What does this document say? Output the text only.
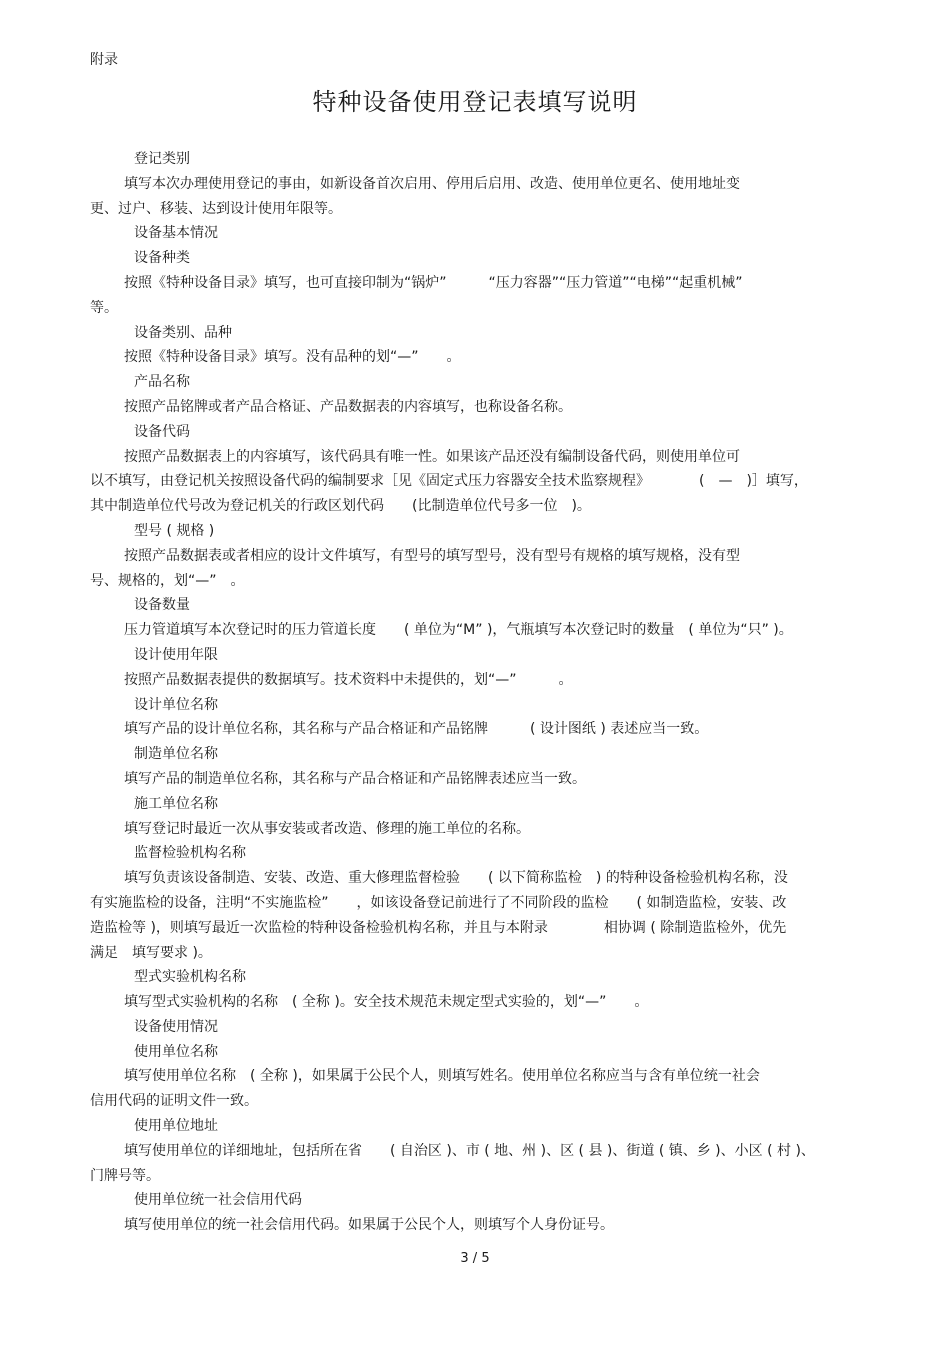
附录
特种设备使用登记表填写说明
登记类别
填写本次办理使用登记的事由，如新设备首次启用、停用后启用、改造、使用单位更名、使用地址变
更、过户、移装、达到设计使用年限等。
设备基本情况
设备种类
按照《特种设备目录》填写，也可直接印制为“锅炉”　　　“压力容器”“压力管道”“电梯”“起重机械”
等。
设备类别、品种
按照《特种设备目录》填写。没有品种的划“—”　　。
产品名称
按照产品铭牌或者产品合格证、产品数据表的内容填写，也称设备名称。
设备代码
按照产品数据表上的内容填写，该代码具有唯一性。如果该产品还没有编制设备代码，则使用单位可
以不填写，由登记机关按照设备代码的编制要求［见《固定式压力容器安全技术监察规程》　　　　(　—　)］填写，
其中制造单位代号改为登记机关的行政区划代码　　(比制造单位代号多一位　)。
型号 ( 规格 )
按照产品数据表或者相应的设计文件填写，有型号的填写型号，没有型号有规格的填写规格，没有型
号、规格的，划“—”　。
设备数量
压力管道填写本次登记时的压力管道长度　　( 单位为“M” )，气瓶填写本次登记时的数量　( 单位为“只” )。
设计使用年限
按照产品数据表提供的数据填写。技术资料中未提供的，划“—”　　　。
设计单位名称
填写产品的设计单位名称，其名称与产品合格证和产品铭牌　　　( 设计图纸 ) 表述应当一致。
制造单位名称
填写产品的制造单位名称，其名称与产品合格证和产品铭牌表述应当一致。
施工单位名称
填写登记时最近一次从事安装或者改造、修理的施工单位的名称。
监督检验机构名称
填写负责该设备制造、安装、改造、重大修理监督检验　　( 以下简称监检　) 的特种设备检验机构名称，没
有实施监检的设备，注明“不实施监检”　　，如该设备登记前进行了不同阶段的监检　　( 如制造监检，安装、改
造监检等 )，则填写最近一次监检的特种设备检验机构名称，并且与本附录　　　　相协调 ( 除制造监检外，优先
满足　填写要求 )。
型式实验机构名称
填写型式实验机构的名称　( 全称 )。安全技术规范未规定型式实验的，划“—”　　。
设备使用情况
使用单位名称
填写使用单位名称　( 全称 )，如果属于公民个人，则填写姓名。使用单位名称应当与含有单位统一社会
信用代码的证明文件一致。
使用单位地址
填写使用单位的详细地址，包括所在省　　( 自治区 )、市 ( 地、州 )、区 ( 县 )、街道 ( 镇、乡 )、小区 ( 村 )、
门牌号等。
使用单位统一社会信用代码
填写使用单位的统一社会信用代码。如果属于公民个人，则填写个人身份证号。
3 / 5
